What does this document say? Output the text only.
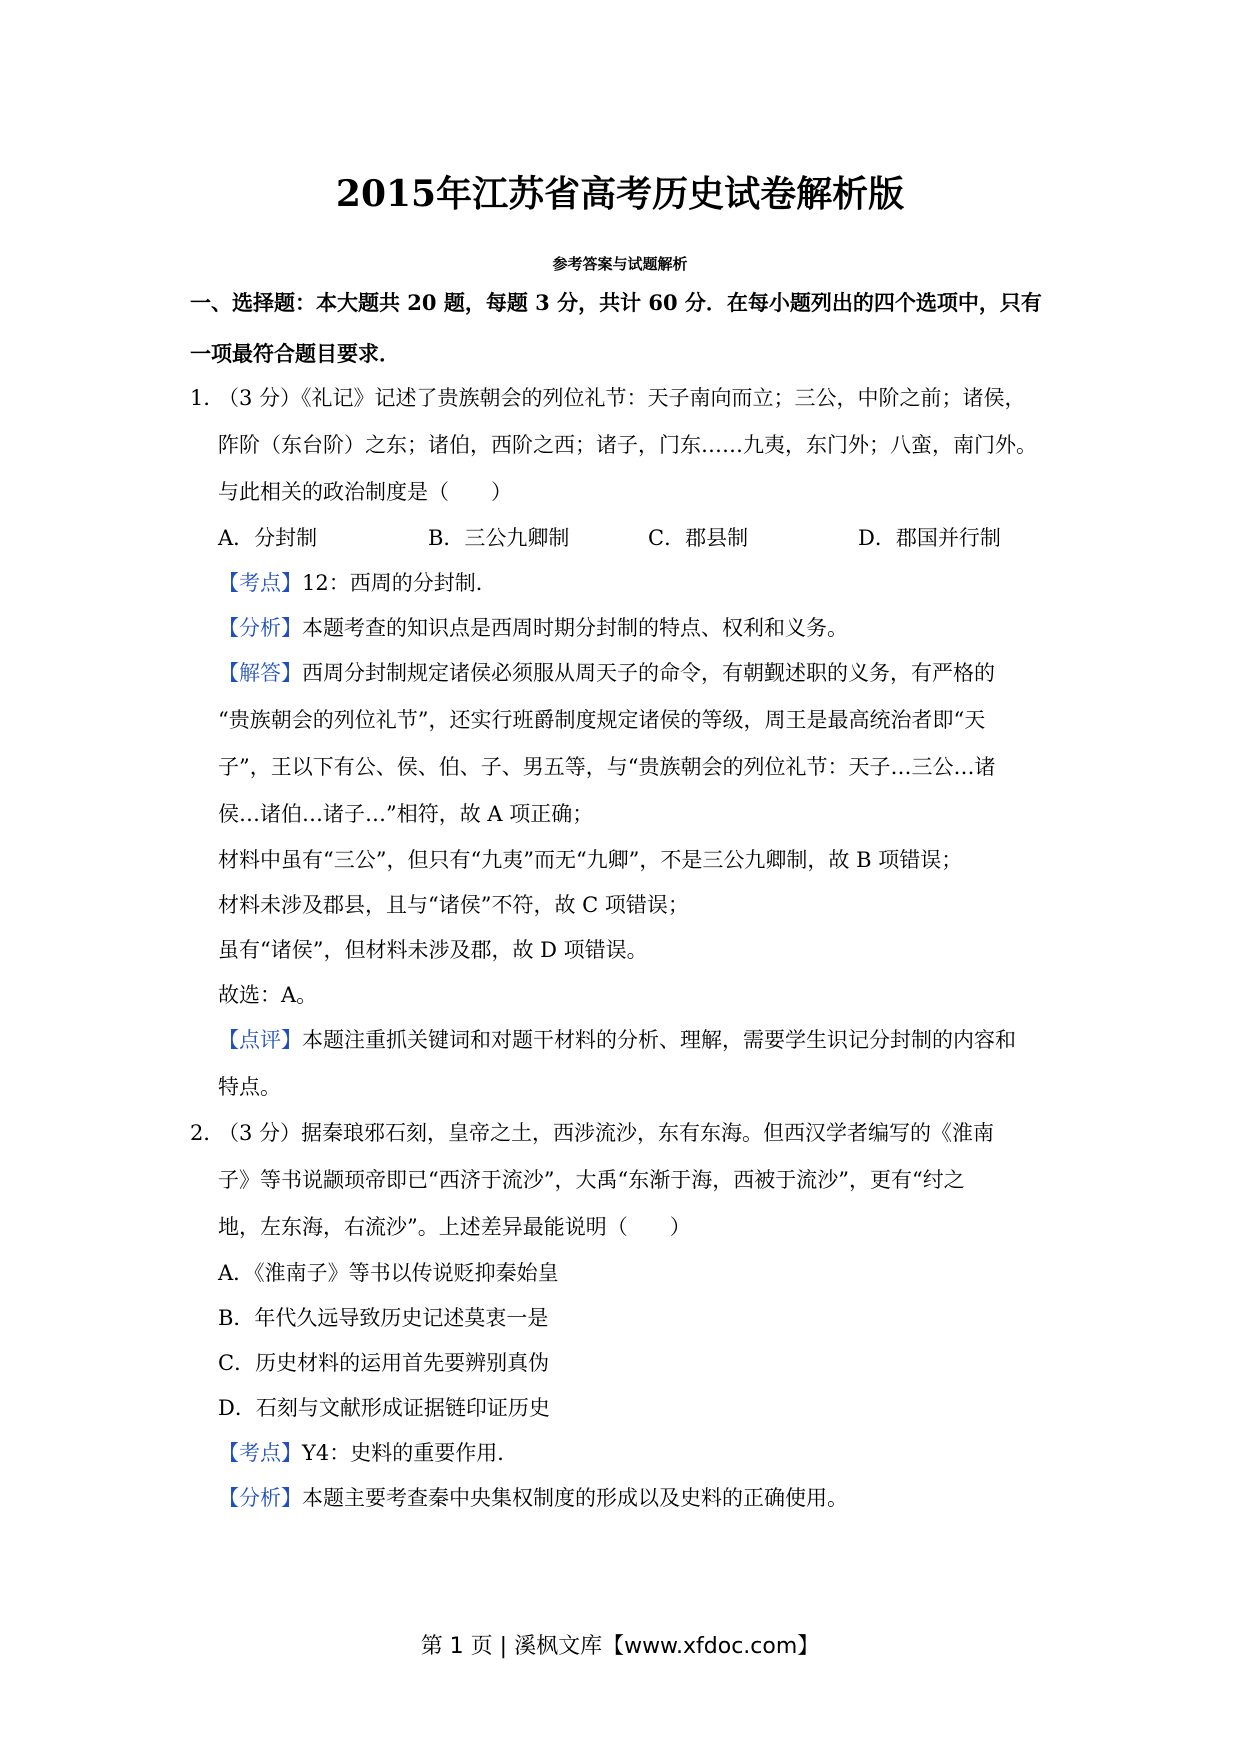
2015年江苏省高考历史试卷解析版
参考答案与试题解析
一、选择题：本大题共 20 题，每题 3 分，共计 60 分．在每小题列出的四个选项中，只有
一项最符合题目要求．
1．
（3 分）《礼记》记述了贵族朝会的列位礼节：天子南向而立；三公，中阶之前；诸侯，
阼阶（东台阶）之东；诸伯，西阶之西；诸子，门东……九夷，东门外；八蛮，南门外。
与此相关的政治制度是（　　）
A．分封制	B．三公九卿制	C．郡县制	D．郡国并行制
【考点】12：西周的分封制．
【分析】本题考查的知识点是西周时期分封制的特点、权利和义务。
【解答】西周分封制规定诸侯必须服从周天子的命令，有朝觐述职的义务，有严格的
“贵族朝会的列位礼节”，还实行班爵制度规定诸侯的等级，周王是最高统治者即“天
子”，王以下有公、侯、伯、子、男五等，与“贵族朝会的列位礼节：天子…三公…诸
侯…诸伯…诸子…”相符，故 A 项正确；
材料中虽有“三公”，但只有“九夷”而无“九卿”，不是三公九卿制，故 B 项错误；
材料未涉及郡县，且与“诸侯”不符，故 C 项错误；
虽有“诸侯”，但材料未涉及郡，故 D 项错误。
故选：A。
【点评】本题注重抓关键词和对题干材料的分析、理解，需要学生识记分封制的内容和
特点。
2．
（3 分）据秦琅邪石刻，皇帝之土，西涉流沙，东有东海。但西汉学者编写的《淮南
子》等书说颛顼帝即已“西济于流沙”，大禹“东渐于海，西被于流沙”，更有“纣之
地，左东海，右流沙”。上述差异最能说明（　　）
A．《淮南子》等书以传说贬抑秦始皇
B．年代久远导致历史记述莫衷一是
C．历史材料的运用首先要辨别真伪
D．石刻与文献形成证据链印证历史
【考点】Y4：史料的重要作用．
【分析】本题主要考查秦中央集权制度的形成以及史料的正确使用。
第 1 页 | 溪枫文库【www.xfdoc.com】
